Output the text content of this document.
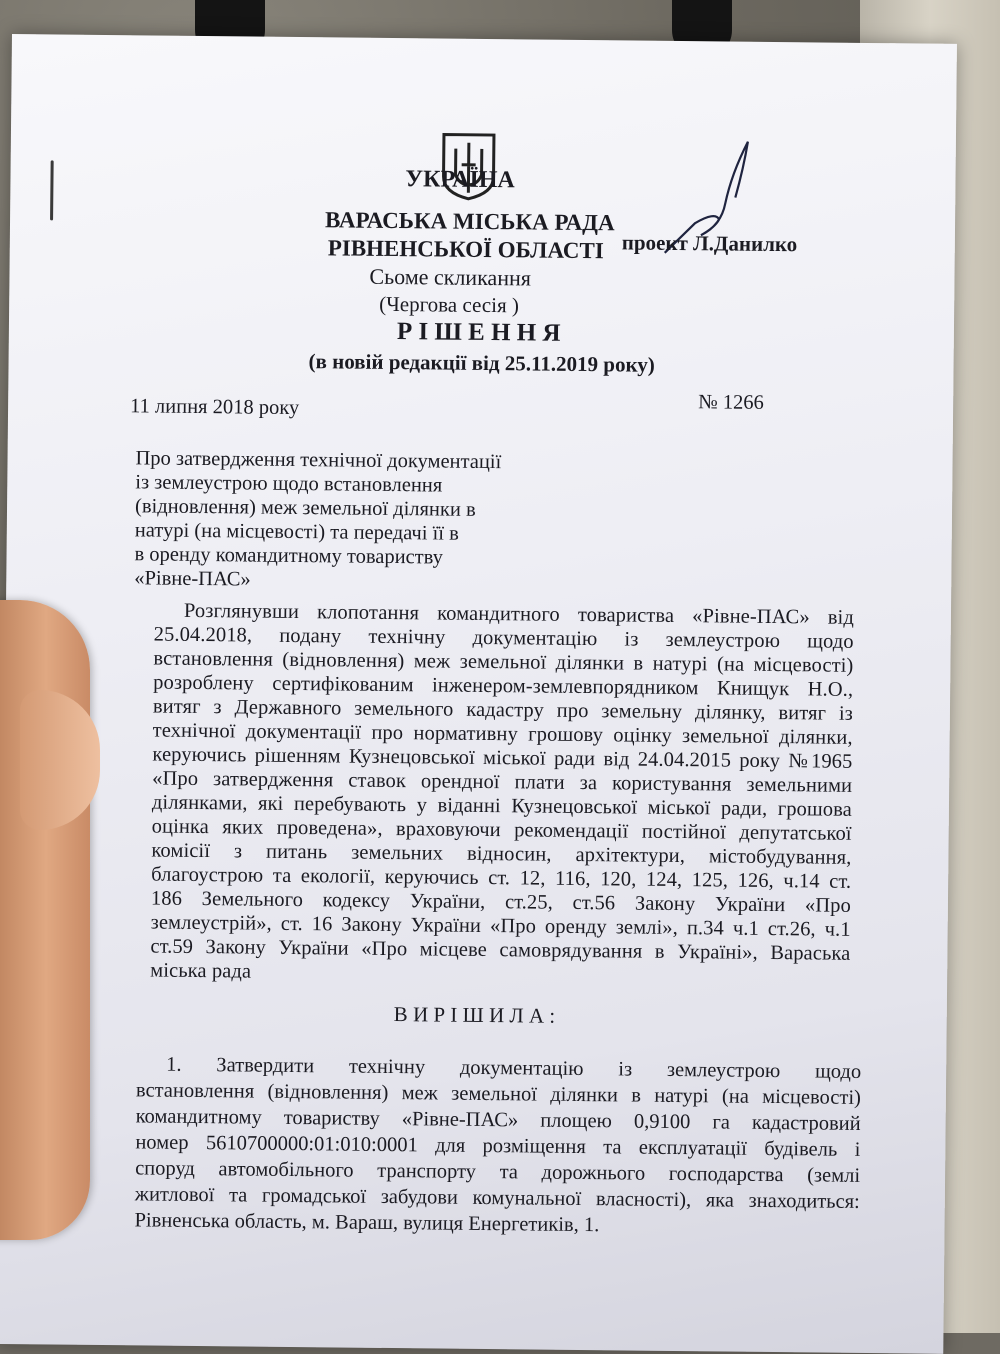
УКРАЇНА
ВАРАСЬКА МІСЬКА РАДА
РІВНЕНСЬКОЇ ОБЛАСТІ проект Л.Данилко
Сьоме скликання
(Чергова сесія )
Р І Ш Е Н Н Я
(в новій редакції від 25.11.2019 року)
11 липня 2018 року	№ 1266
Про затвердження технічної документації
із землеустрою щодо встановлення
(відновлення) меж земельної ділянки в
натурі (на місцевості) та передачі її в
в оренду командитному товариству
«Рівне-ПАС»
Розглянувши клопотання командитного товариства «Рівне-ПАС» від
25.04.2018, подану технічну документацію із землеустрою щодо
встановлення (відновлення) меж земельної ділянки в натурі (на місцевості)
розроблену сертифікованим інженером-землевпорядником Книщук Н.О.,
витяг з Державного земельного кадастру про земельну ділянку, витяг із
технічної документації про нормативну грошову оцінку земельної ділянки,
керуючись рішенням Кузнецовської міської ради від 24.04.2015 року №1965
«Про затвердження ставок орендної плати за користування земельними
ділянками, які перебувають у віданні Кузнецовської міської ради, грошова
оцінка яких проведена», враховуючи рекомендації постійної депутатської
комісії з питань земельних відносин, архітектури, містобудування,
благоустрою та екології, керуючись ст. 12, 116, 120, 124, 125, 126, ч.14 ст.
186 Земельного кодексу України, ст.25, ст.56 Закону України «Про
землеустрій», ст. 16 Закону України «Про оренду землі», п.34 ч.1 ст.26, ч.1
ст.59 Закону України «Про місцеве самоврядування в Україні», Вараська
міська рада
В И Р І Ш И Л А :
1. Затвердити технічну документацію із землеустрою щодо
встановлення (відновлення) меж земельної ділянки в натурі (на місцевості)
командитному товариству «Рівне-ПАС» площею 0,9100 га кадастровий
номер 5610700000:01:010:0001 для розміщення та експлуатації будівель і
споруд автомобільного транспорту та дорожнього господарства (землі
житлової та громадської забудови комунальної власності), яка знаходиться:
Рівненська область, м. Вараш, вулиця Енергетиків, 1.
